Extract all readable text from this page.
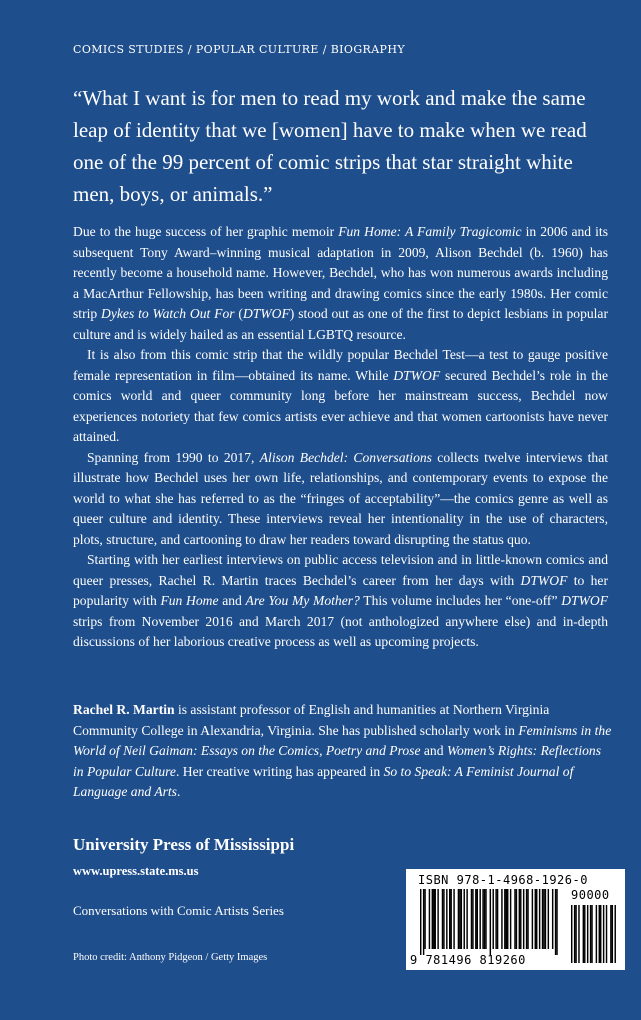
COMICS STUDIES / POPULAR CULTURE / BIOGRAPHY
“What I want is for men to read my work and make the same leap of identity that we [women] have to make when we read one of the 99 percent of comic strips that star straight white men, boys, or animals.”

Due to the huge success of her graphic memoir Fun Home: A Family Tragicomic in 2006 and its subsequent Tony Award–winning musical adaptation in 2009, Alison Bechdel (b. 1960) has recently become a household name. However, Bechdel, who has won numerous awards including a MacArthur Fellowship, has been writing and drawing comics since the early 1980s. Her comic strip Dykes to Watch Out For (DTWOF) stood out as one of the first to depict lesbians in popular culture and is widely hailed as an essential LGBTQ resource.

It is also from this comic strip that the wildly popular Bechdel Test—a test to gauge positive female representation in film—obtained its name. While DTWOF secured Bechdel’s role in the comics world and queer community long before her mainstream success, Bechdel now experiences notoriety that few comics artists ever achieve and that women cartoonists have never attained.

Spanning from 1990 to 2017, Alison Bechdel: Conversations collects twelve interviews that illustrate how Bechdel uses her own life, relationships, and contemporary events to expose the world to what she has referred to as the “fringes of acceptability”—the comics genre as well as queer culture and identity. These interviews reveal her intentionality in the use of characters, plots, structure, and cartooning to draw her readers toward disrupting the status quo.

Starting with her earliest interviews on public access television and in little-known comics and queer presses, Rachel R. Martin traces Bechdel’s career from her days with DTWOF to her popularity with Fun Home and Are You My Mother? This volume includes her “one-off” DTWOF strips from November 2016 and March 2017 (not anthologized anywhere else) and in-depth discussions of her laborious creative process as well as upcoming projects.

Rachel R. Martin is assistant professor of English and humanities at Northern Virginia Community College in Alexandria, Virginia. She has published scholarly work in Feminisms in the World of Neil Gaiman: Essays on the Comics, Poetry and Prose and Women’s Rights: Reflections in Popular Culture. Her creative writing has appeared in So to Speak: A Feminist Journal of Language and Arts.
University Press of Mississippi
www.upress.state.ms.us
Conversations with Comic Artists Series
Photo credit: Anthony Pidgeon / Getty Images
ISBN 978-1-4968-1926-0
90000
9 781496 819260
